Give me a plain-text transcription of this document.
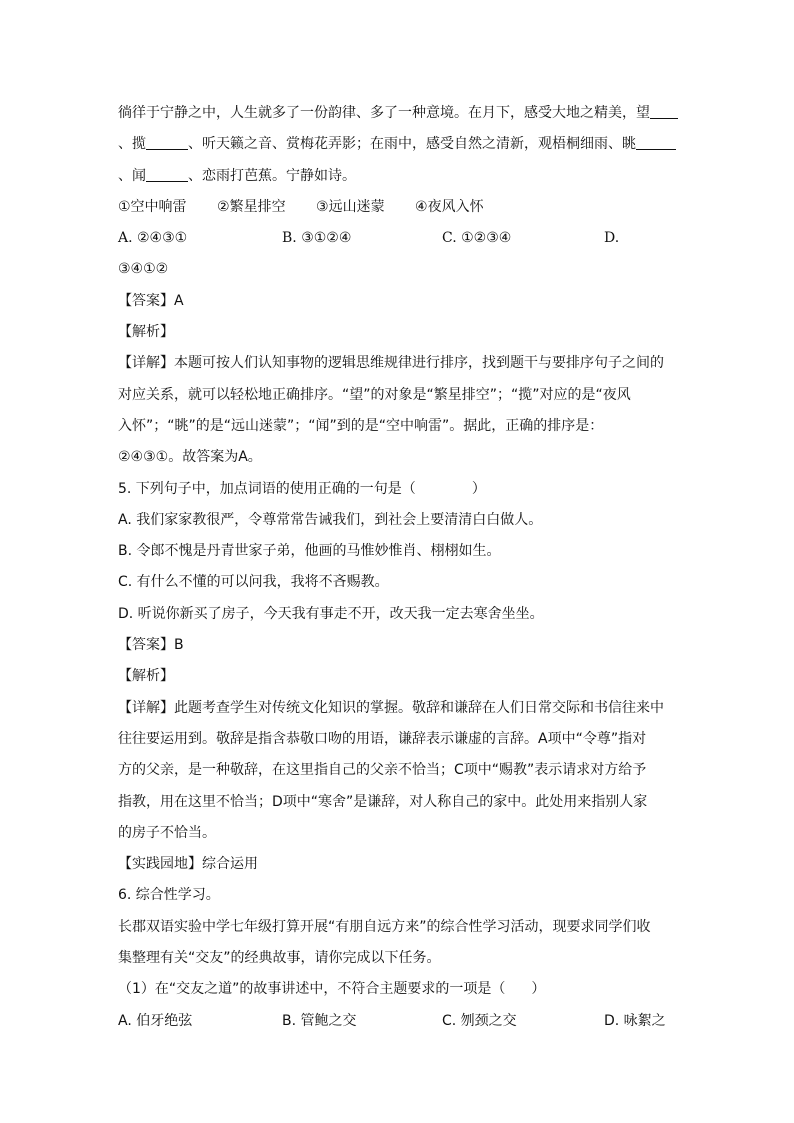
徜徉于宁静之中，人生就多了一份韵律、多了一种意境。在月下，感受大地之精美，望
、揽	、听天籁之音、赏梅花弄影；在雨中，感受自然之清新，观梧桐细雨、眺
、闻	、恋雨打芭蕉。宁静如诗。
①空中响雷 ②繁星排空 ③远山迷蒙 ④夜风入怀
A. ②④③①	B. ③①②④	C. ①②③④	D.
③④①②
【答案】A
【解析】
【详解】本题可按人们认知事物的逻辑思维规律进行排序，找到题干与要排序句子之间的
对应关系，就可以轻松地正确排序。“望”的对象是“繁星排空”；“揽”对应的是“夜风
入怀”；“眺”的是“远山迷蒙”；“闻”到的是“空中响雷”。据此，正确的排序是：
②④③①。故答案为A。
5. 下列句子中，加点词语的使用正确的一句是（	）
A. 我们家家教很严，令尊常常告诫我们，到社会上要清清白白做人。
B. 令郎不愧是丹青世家子弟，他画的马惟妙惟肖、栩栩如生。
C. 有什么不懂的可以问我，我将不吝赐教。
D. 听说你新买了房子，今天我有事走不开，改天我一定去寒舍坐坐。
【答案】B
【解析】
【详解】此题考查学生对传统文化知识的掌握。敬辞和谦辞在人们日常交际和书信往来中
往往要运用到。敬辞是指含恭敬口吻的用语，谦辞表示谦虚的言辞。A项中“令尊”指对
方的父亲，是一种敬辞，在这里指自己的父亲不恰当；C项中“赐教”表示请求对方给予
指教，用在这里不恰当；D项中“寒舍”是谦辞，对人称自己的家中。此处用来指别人家
的房子不恰当。
【实践园地】综合运用
6. 综合性学习。
长郡双语实验中学七年级打算开展“有朋自远方来”的综合性学习活动，现要求同学们收
集整理有关“交友”的经典故事，请你完成以下任务。
（1）在“交友之道”的故事讲述中，不符合主题要求的一项是（ ）
A. 伯牙绝弦	B. 管鲍之交	C. 刎颈之交	D. 咏絮之
